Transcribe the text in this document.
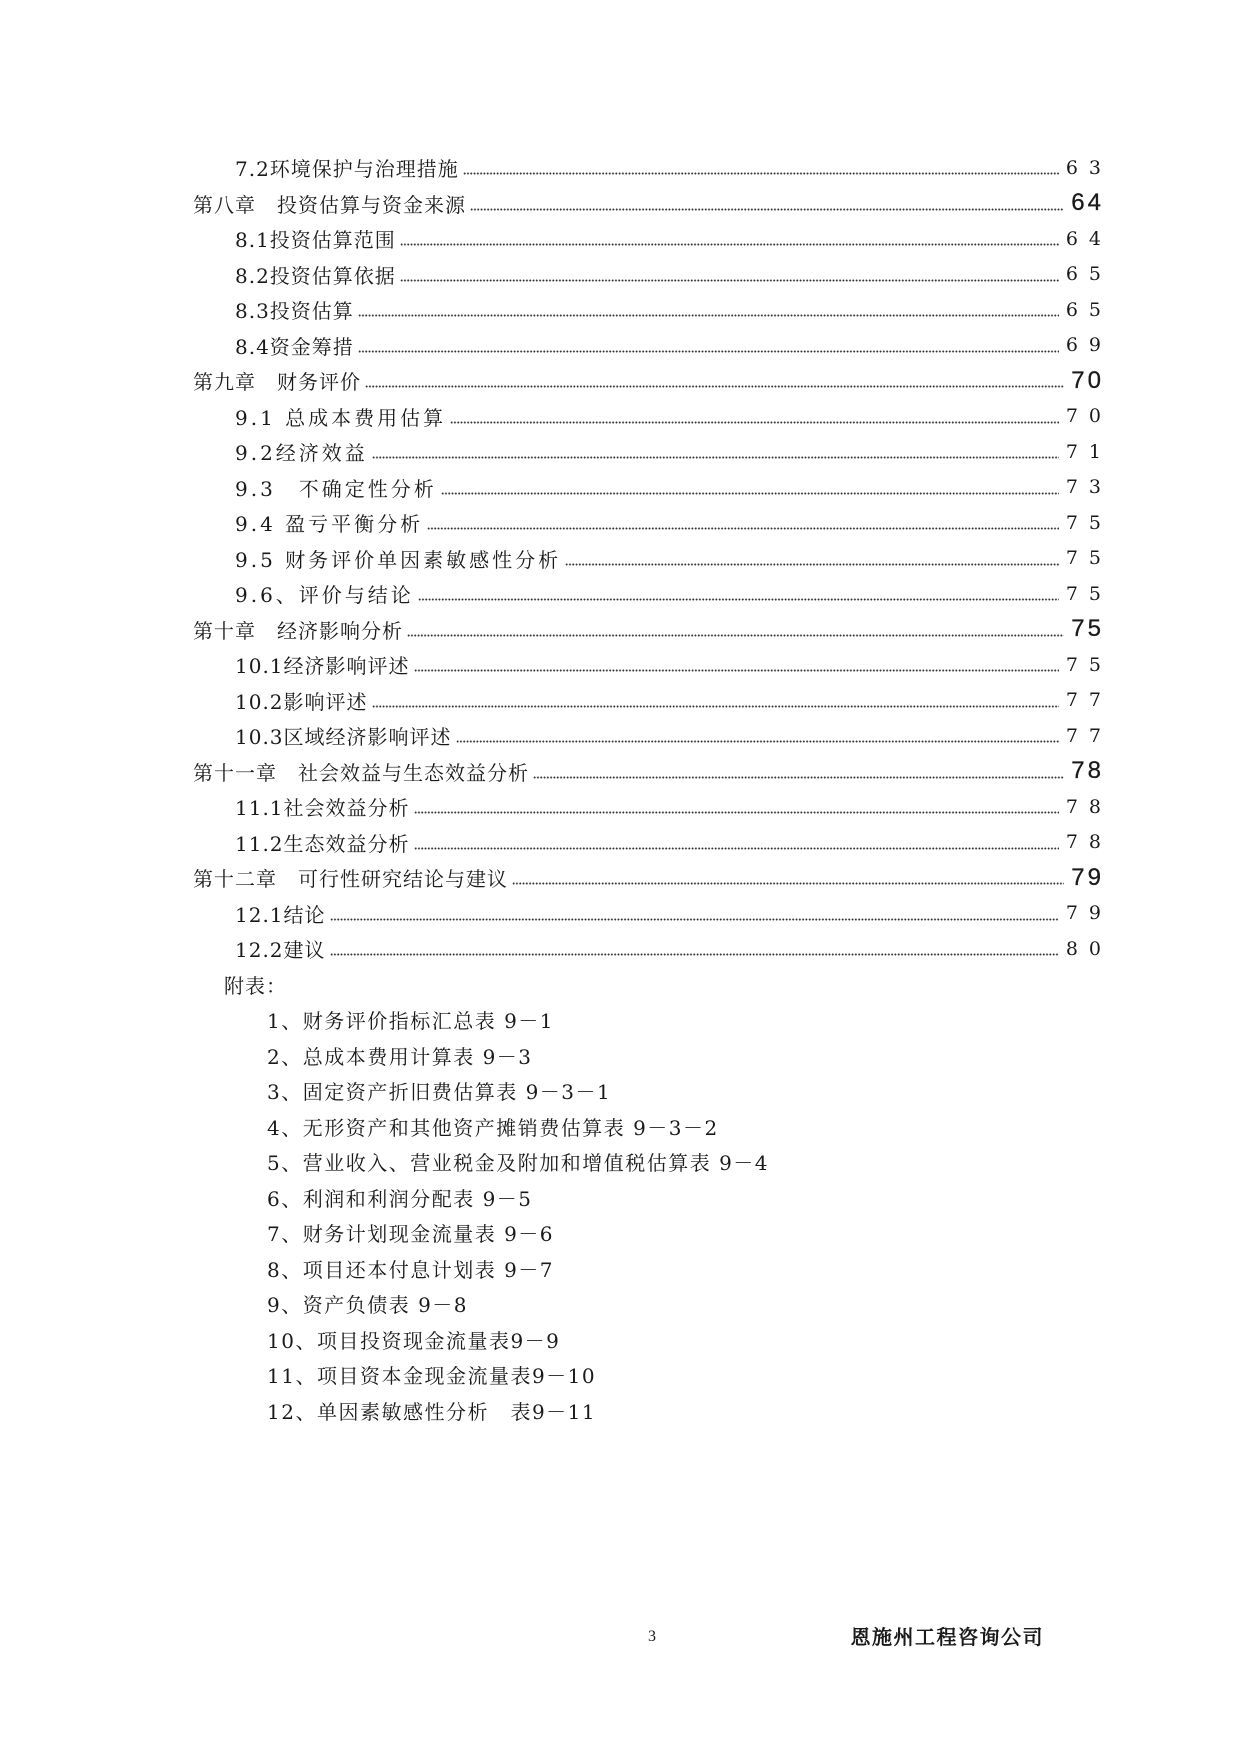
7.2环境保护与治理措施	63
第八章　投资估算与资金来源	64
8.1投资估算范围	64
8.2投资估算依据	65
8.3投资估算	65
8.4资金筹措	69
第九章　财务评价	70
9.1 总成本费用估算	70
9.2经济效益	71
9.3　不确定性分析	73
9.4 盈亏平衡分析	75
9.5 财务评价单因素敏感性分析	75
9.6、评价与结论	75
第十章　经济影响分析	75
10.1经济影响评述	75
10.2影响评述	77
10.3区域经济影响评述	77
第十一章　社会效益与生态效益分析	78
11.1社会效益分析	78
11.2生态效益分析	78
第十二章　可行性研究结论与建议	79
12.1结论	79
12.2建议	80
附表：
1、财务评价指标汇总表 9－1
2、总成本费用计算表 9－3
3、固定资产折旧费估算表 9－3－1
4、无形资产和其他资产摊销费估算表 9－3－2
5、营业收入、营业税金及附加和增值税估算表 9－4
6、利润和利润分配表 9－5
7、财务计划现金流量表 9－6
8、项目还本付息计划表 9－7
9、资产负债表 9－8
10、项目投资现金流量表9－9
11、项目资本金现金流量表9－10
12、单因素敏感性分析　表9－11
3	恩施州工程咨询公司
